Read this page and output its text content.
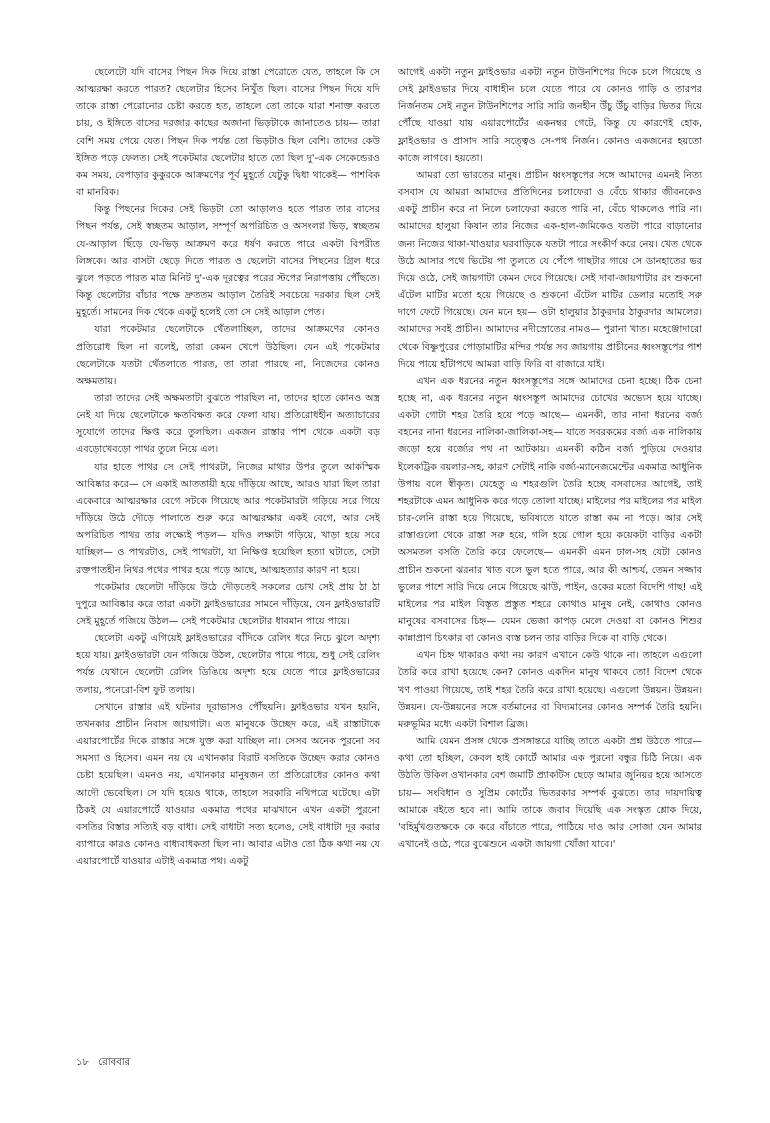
ছেলেটো যদি বাসের পিছন দিক দিয়ে রাস্তা পেরোতে যেত, তাহলে কি সে আত্মরক্ষা করতে পারত? ছেলেটার হিসেব নিখুঁত ছিল। বাসের পিছন দিয়ে যদি তাকে রাস্তা পেরোনোর চেষ্টা করতে হত, তাহলে তো তাকে যারা শনাক্ত করতে চায়, ও ইঙ্গিতে বাসের দরজার কাছের অজানা ভিড়টাকে জানাতেও চায়— তারা বেশি সময় পেয়ে যেত। পিছন দিক পর্যন্ত তো ভিড়টাও ছিল বেশি। তাদের কেউ ইঙ্গিত পড়ে ফেলত। সেই পকেটমার ছেলেটার হাতে তো ছিল দু'-এক সেকেন্ডেরও কম সময়, বেপাড়ার কুকুরকে আক্রমণের পূর্ব মুহূর্তে যেটুকু দ্বিধা থাকেই— পাশবিক বা মানবিক।

কিন্তু পিছনের দিকের সেই ভিড়টা তো আড়ালও হতে পারত তার বাসের পিছন পর্যন্ত, সেই স্বচ্ছতম আড়াল, সম্পূর্ণ অপরিচিত ও অসংলগ্ন ভিড়, স্বচ্ছতম যে-আড়াল ছিঁড়ে যে-ভিড় আক্রমণ করে ধর্ষণ করতে পারে একটা বিপরীত লিঙ্গকে। আর বাসটা ছেড়ে দিতে পারত ও ছেলেটা বাসের পিছনের গ্রিল ধরে ঝুলে পড়তে পারত মাত্র মিনিট দু'-এক দূরত্বের পরের স্টপের নিরাপত্তায় পৌঁছতে। কিন্তু ছেলেটার বাঁচার পক্ষে দ্রুততম আড়াল তৈরিই সবচেয়ে দরকার ছিল সেই মুহূর্তে। সামনের দিক থেকে একটু হলেই তো সে সেই আড়াল পেত।

যারা পকেটমার ছেলেটাকে থেঁতলাচ্ছিল, তাদের আক্রমণের কোনও প্রতিরোধ ছিল না বলেই, তারা কেমন খেপে উঠছিল। যেন এই পকেটমার ছেলেটাকে যতটা থেঁতলাতে পারত, তা তারা পারছে না, নিজেদের কোনও অক্ষমতায়।

তারা তাদের সেই অক্ষমতাটা বুঝতে পারছিল না, তাদের হাতে কোনও অস্ত্র নেই যা দিয়ে ছেলেটাকে ক্ষতবিক্ষত করে ফেলা যায়। প্রতিরোধহীন অত্যাচারের সুযোগে তাদের ক্ষিপ্ত করে তুলছিল। একজন রাস্তার পাশ থেকে একটা বড় এবড়োখেবড়ো পাথর তুলে নিয়ে এল।

যার হাতে পাথর সে সেই পাথরটা, নিজের মাথার উপর তুলে আকস্মিক আবিষ্কার করে— সে একাই আততায়ী হয়ে দাঁড়িয়ে আছে, আরও যারা ছিল তারা একেবারে আত্মরক্ষার বেগে সটকে গিয়েছে আর পকেটমারটা গড়িয়ে সরে গিয়ে দাঁড়িয়ে উঠে দৌড়ে পালাতে শুরু করে আত্মরক্ষার একই বেগে, আর সেই অপরিচিত পাথর তার লক্ষ্যেই পড়ল— যদিও লক্ষ্যটা গড়িয়ে, খাড়া হয়ে সরে যাচ্ছিল— ও পাথরটাও, সেই পাথরটা, যা নিক্ষিপ্ত হয়েছিল হত্যা ঘটাতে, সেটা রক্তপাতহীন নিথর পথের পাথর হয়ে পড়ে আছে, আত্মহত্যার কারণ না হয়ে।

পকেটমার ছেলেটা দাঁড়িয়ে উঠে দৌড়তেই সকলের চোখ সেই প্রায় ঠা ঠা দুপুরে আবিষ্কার করে তারা একটা ফ্লাইওভারের সামনে দাঁড়িয়ে, যেন ফ্লাইওভারটি সেই মুহূর্তে গজিয়ে উঠল— সেই পকেটমার ছেলেটার ধাবমান পায়ে পায়ে।

ছেলেটা একটু এগিয়েই ফ্লাইওভারের বাঁদিকে রেলিং ধরে নিচে ঝুলে অদৃশ্য হয়ে যায়। ফ্লাইওভারটা যেন গজিয়ে উঠল, ছেলেটার পায়ে পায়ে, শুধু সেই রেলিং পর্যন্ত যেখানে ছেলেটা রেলিং ডিঙিয়ে অদৃশ্য হয়ে যেতে পারে ফ্লাইওভারের তলায়, পনেরো-বিশ ফুট তলায়।

সেখানে রাস্তার এই ঘটনার দূরাভাসও পৌঁছয়নি। ফ্লাইওভার যখন হয়নি, তখনকার প্রাচীন নিবাস জায়গাটা। এত মানুষকে উচ্ছেদ করে, এই রাস্তাটাকে এয়ারপোর্টের দিকে রাস্তার সঙ্গে যুক্ত করা যাচ্ছিল না। সেসব অনেক পুরনো সব সমস্যা ও হিসেব। এমন নয় যে এখানকার বিরাট বসতিকে উচ্ছেদ করার কোনও চেষ্টা হয়েছিল। এমনও নয়, এখানকার মানুষজন তা প্রতিরোধের কোনও কথা আদৌ ভেবেছিল। সে যদি হয়েও থাকে, তাহলে সরকারি নথিপত্রে ঘটেছে। এটা ঠিকই যে এয়ারপোর্টে যাওয়ার একমাত্র পথের মাঝখানে এখন একটা পুরনো বসতির বিস্তার সত্যিই বড় বাধা। সেই বাধাটা সত্য হলেও, সেই বাধাটা দূর করার ব্যাপারে কারও কোনও বাধ্যবাধকতা ছিল না। আবার এটাও তো ঠিক কথা নয় যে এয়ারপোর্টে যাওয়ার এটাই একমাত্র পথ। একটু

আগেই একটা নতুন ফ্লাইওভার একটা নতুন টাউনশিপের দিকে চলে গিয়েছে ও সেই ফ্লাইওভার দিয়ে বাধাহীন চলে যেতে পারে যে কোনও গাড়ি ও তারপর নির্জনতম সেই নতুন টাউনশিপের সারি সারি জনহীন উঁচু উঁচু বাড়ির ভিতর দিয়ে পৌঁছে যাওয়া যায় এয়ারপোর্টের একনম্বর গেটে, কিন্তু যে কারণেই হোক, ফ্লাইওভার ও প্রাসাদ সারি সত্ত্বেও সে-পথ নির্জন। কোনও একজনের হয়তো কাজে লাগবে। হয়তো।

আমরা তো ভারতের মানুষ। প্রাচীন ধ্বংসস্তূপের সঙ্গে আমাদের এমনই নিত্য বসবাস যে আমরা আমাদের প্রতিদিনের চলাফেরা ও বেঁচে থাকার জীবনকেও একটু প্রাচীন করে না নিলে চলাফেরা করতে পারি না, বেঁচে থাকলেও পারি না। আমাদের হালুয়া কিষান তার নিজের এক-হাল-জমিকেও যতটা পারে বাড়ানোর জন্য নিজের থাকা-খাওয়ার ঘরবাড়িকে যতটা পারে সংকীর্ণ করে নেয়। খেত থেকে উঠে আসার পথে ভিটেয় পা তুলতে যে পেঁপে গাছটার গায়ে সে ডানহাতের ভর দিয়ে ওঠে, সেই জায়গাটা কেমন দেবে গিয়েছে। সেই দাবা-জায়গাটার রং শুকনো এঁটেল মাটির মতো হয়ে গিয়েছে ও শুকনো এঁটেল মাটির ডেলার মতোই সরু দাগে ফেটে গিয়েছে। যেন মনে হয়— ওটা হালুয়ার ঠাকুরদার ঠাকুরদার আমলের। আমাদের সবই প্রাচীন। আমাদের নদীস্রোতের নামও— পুরানা খাত। মহেঞ্জোদারো থেকে বিষ্ণুপুরের পোড়ামাটির মন্দির পর্যন্ত সব জায়গায় প্রাচীনের ধ্বংসস্তূপের পাশ দিয়ে পায়ে হাঁটাপথে আমরা বাড়ি ফিরি বা বাজারে যাই।

এখন এক ধরনের নতুন ধ্বংসস্তূপের সঙ্গে আমাদের চেনা হচ্ছে। ঠিক চেনা হচ্ছে না, এক ধরনের নতুন ধ্বংসস্তূপ আমাদের চোখের অভ্যেস হয়ে যাচ্ছে। একটা গোটা শহর তৈরি হয়ে পড়ে আছে— এমনকী, তার নানা ধরনের বর্জ্য বহনের নানা ধরনের নালিকা-জালিকা-সহ— যাতে সবরকমের বর্জ্য এক নালিকায় জড়ো হয়ে বর্জ্যের পথ না আটকায়। এমনকী কঠিন বর্জ্য পুড়িয়ে দেওয়ার ইলেকট্রিক বয়লার-সহ, কারণ সেটাই নাকি বর্জ্য-ম্যানেজমেন্টের একমাত্র আধুনিক উপায় বলে স্বীকৃত। যেহেতু এ শহরগুলি তৈরি হচ্ছে বসবাসের আগেই, তাই শহরটাকে এমন আধুনিক করে গড়ে তোলা যাচ্ছে। মাইলের পর মাইলের পর মাইল চার-লেনি রাস্তা হয়ে গিয়েছে, ভবিষ্যতে যাতে রাস্তা কম না পড়ে। আর সেই রাস্তাগুলো থেকে রাস্তা সরু হয়ে, গলি হয়ে গোল হয়ে কয়েকটা বাড়ির একটা অসমতল বসতি তৈরি করে ফেলেছে— এমনকী এমন ঢাল-সহ যেটা কোনও প্রাচীন শুকনো ঝরনার খাত বলে ভুল হতে পারে, আর কী আশ্চর্য, তেমন সজ্জাব ভুলের পাশে সারি দিয়ে নেমে গিয়েছে ঝাউ, পাইন, ওকের মতো বিদেশি গাছ! এই মাইলের পর মাইল বিস্তৃত প্রস্তুত শহরে কোথাও মানুষ নেই, কোথাও কোনও মানুষের বসবাসের চিহ্ন— যেমন ভেজা কাপড় মেলে দেওয়া বা কোনও শিশুর কান্নাপ্রাণ চিৎকার বা কোনও ব্যস্ত চলন তার বাড়ির দিকে বা বাড়ি থেকে।

এখন চিহ্ন থাকারও কথা নয় কারণ এখানে কেউ থাকে না। তাহলে এগুলো তৈরি করে রাখা হয়েছে কেন? কোনও একদিন মানুষ থাকবে তো! বিদেশ থেকে খণ পাওয়া গিয়েছে, তাই শহর তৈরি করে রাখা হয়েছে। এগুলো উন্নয়ন। উন্নয়ন। উন্নয়ন। যে-উন্নয়নের সঙ্গে বর্তমানের বা বিদ্যমানের কোনও সম্পর্ক তৈরি হয়নি। মরুভূমির মধ্যে একটা বিশাল ব্রিজ।

আমি যেমন প্রসঙ্গ থেকে প্রসঙ্গান্তরে যাচ্ছি তাতে একটা প্রশ্ন উঠতে পারে— কথা তো হচ্ছিল, কেবল হাই কোর্টে আমার এক পুরনো বন্ধুর চিঠি নিয়ে। এক উঠতি উকিল ওখানকার বেশ জমাটি প্র্যাকটিস ছেড়ে আমার জুনিয়র হয়ে আসতে চায়— সংবিধান ও সুপ্রিম কোর্টের ভিতরকার সম্পর্ক বুঝতে। তার দায়দায়িত্ব আমাকে বইতে হবে না। আমি তাকে জবাব দিয়েছি এক সংস্কৃত শ্লোক দিয়ে, 'বহির্মুখগুতক্ষকে কে করে বাঁচাতে পারে, পাঠিয়ে দাও আর সোজা যেন আমার এখানেই ওঠে, পরে বুঝেশুনে একটা জায়গা খোঁজা যাবে।'

১৮ রোববার
